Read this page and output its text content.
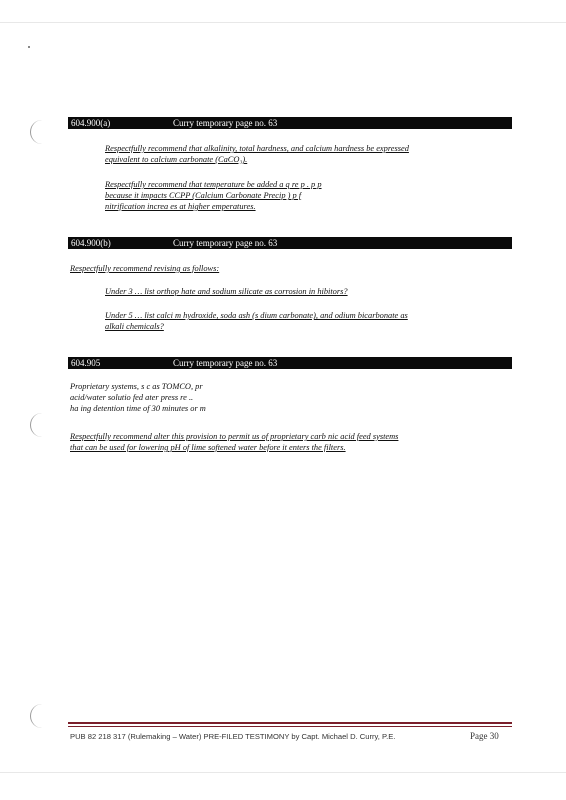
604.900(a)	Curry temporary page no. 63
Respectfully recommend that alkalinity, total hardness, and calcium hardness be expressed
equivalent to calcium carbonate (CaCO₃).
Respectfully recommend that temperature be added a q re p . p p
because it impacts CCPP (Calcium Carbonate Precip ) p f
nitrification increa es at higher emperatures.
604.900(b)	Curry temporary page no. 63
Respectfully recommend revising as follows:
Under 3 … list orthop hate and sodium silicate as corrosion in hibitors?
Under 5 … list calci m hydroxide, soda ash (s dium carbonate), and odium bicarbonate as
alkali chemicals?
604.905	Curry temporary page no. 63
Proprietary systems, s c as TOMCO, pr
acid/water solutio fed ater press re ..
ha ing detention time of 30 minutes or m
Respectfully recommend alter this provision to permit us of proprietary carb nic acid feed systems
that can be used for lowering pH of lime softened water before it enters the filters.
PUB 82 218 317 (Rulemaking – Water) PRE-FILED TESTIMONY by Capt. Michael D. Curry, P.E.	Page 30
